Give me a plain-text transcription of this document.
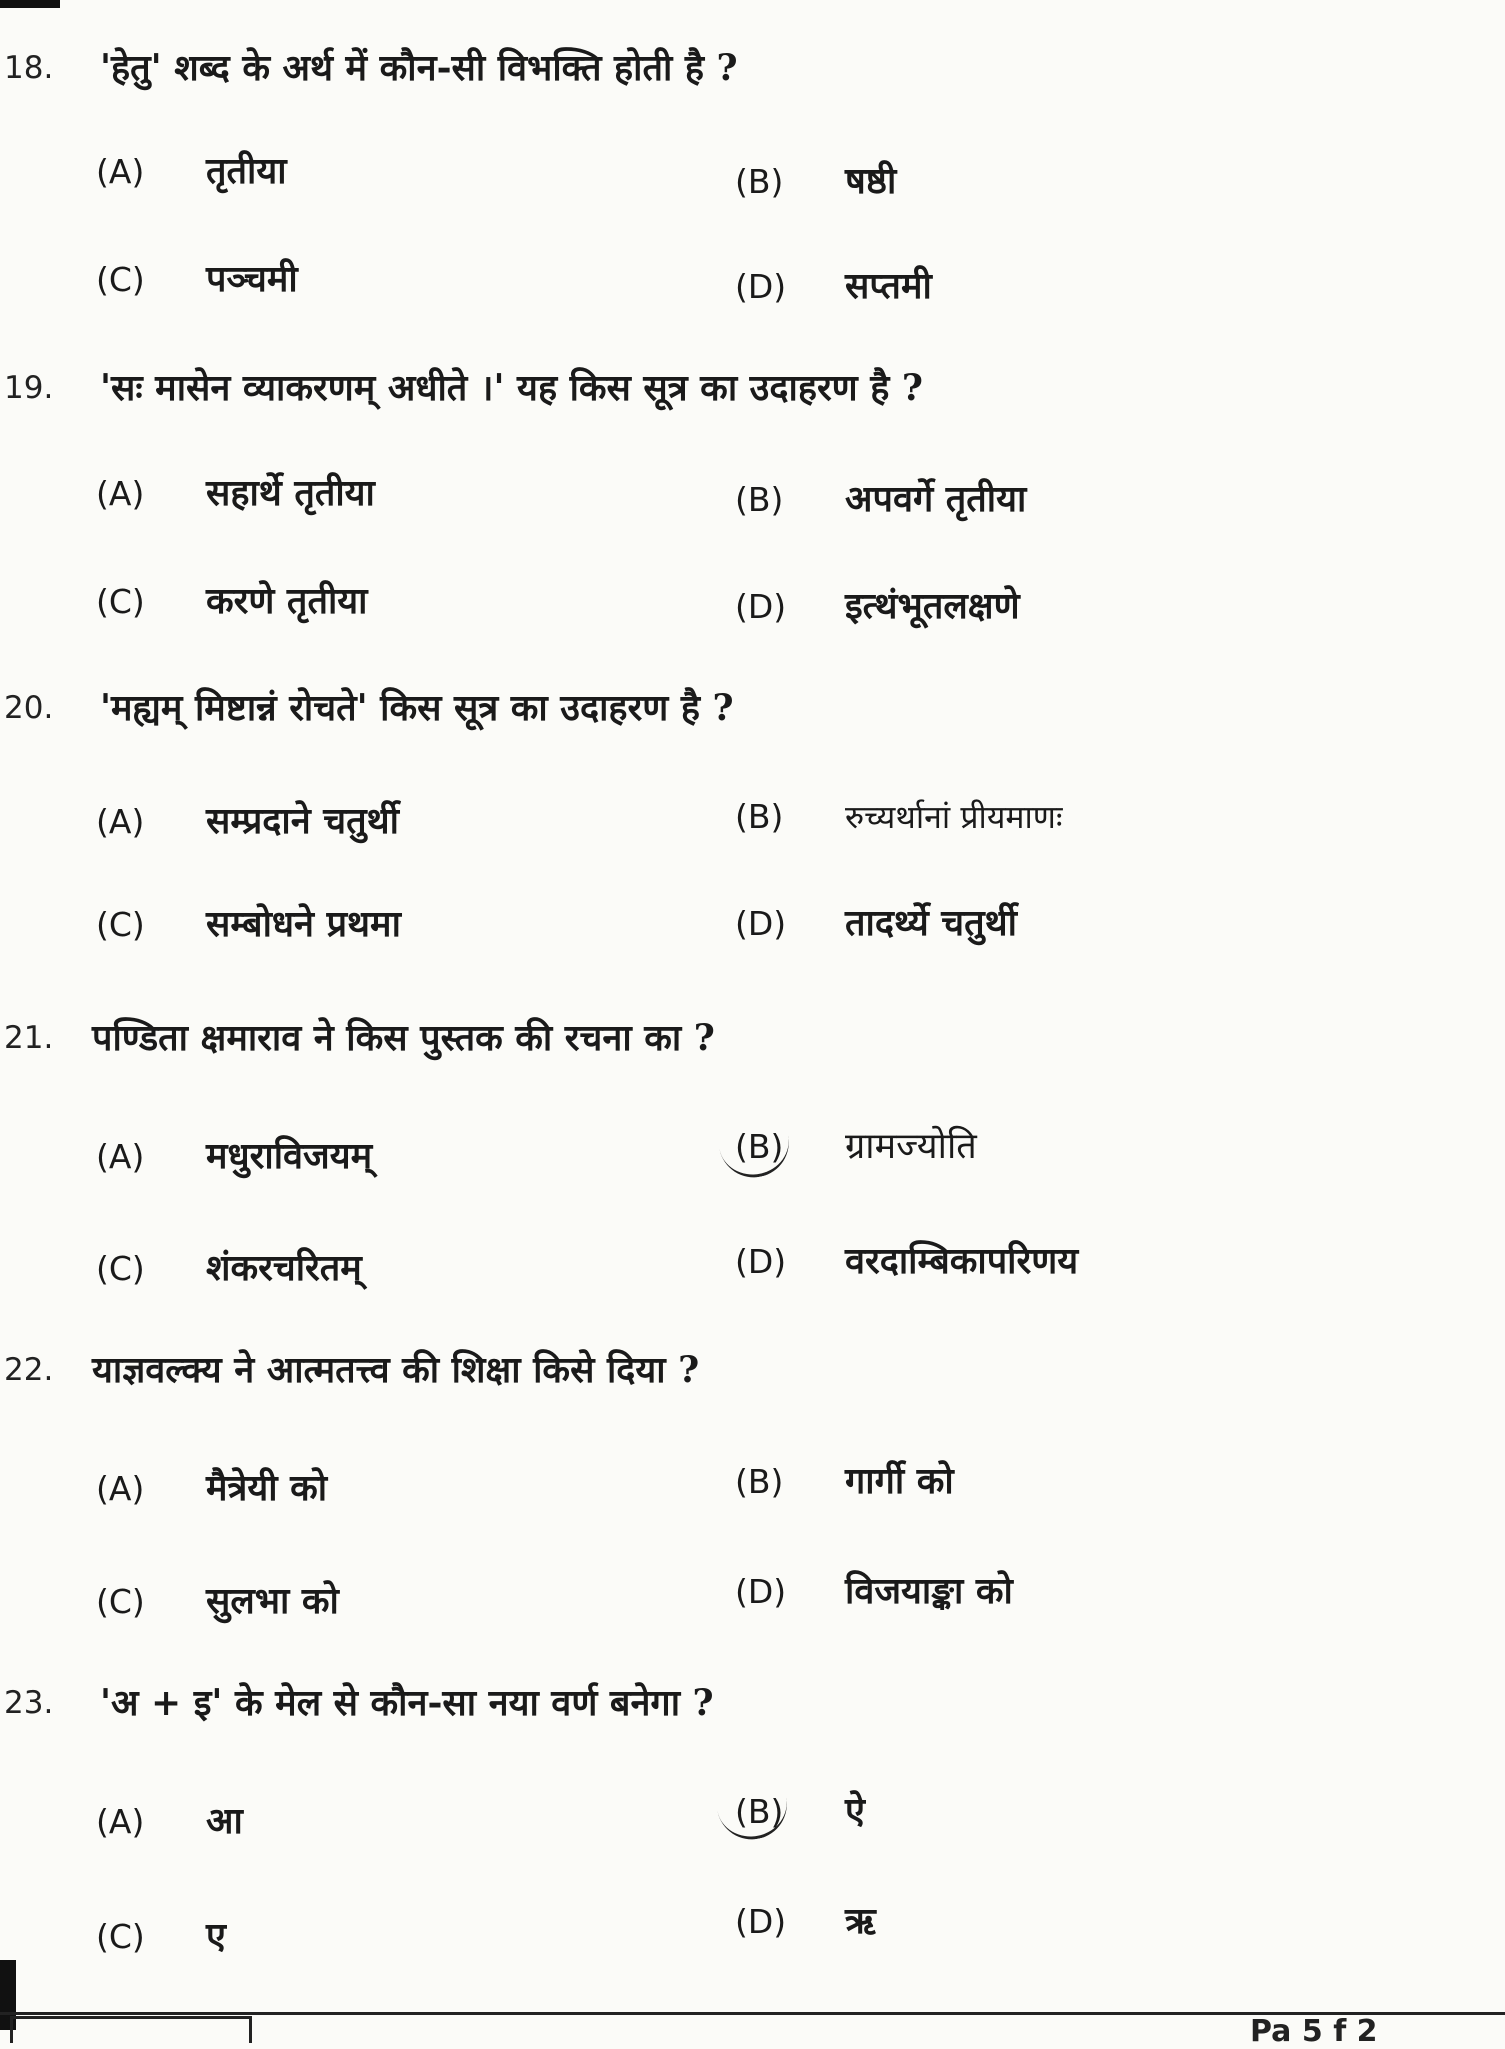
18. 'हेतु' शब्द के अर्थ में कौन-सी विभक्ति होती है ?
(A) तृतीया	(B) षष्ठी
(C) पञ्चमी	(D) सप्तमी
19. 'सः मासेन व्याकरणम् अधीते ।' यह किस सूत्र का उदाहरण है ?
(A) सहार्थे तृतीया	(B) अपवर्गे तृतीया
(C) करणे तृतीया	(D) इत्थंभूतलक्षणे
20. 'मह्यम् मिष्टान्नं रोचते' किस सूत्र का उदाहरण है ?
(A) सम्प्रदाने चतुर्थी	(B) रुच्यर्थानां प्रीयमाणः
(C) सम्बोधने प्रथमा	(D) तादर्थ्ये चतुर्थी
21. पण्डिता क्षमाराव ने किस पुस्तक की रचना का ?
(A) मधुराविजयम्	(B) ग्रामज्योति
(C) शंकरचरितम्	(D) वरदाम्बिकापरिणय
22. याज्ञवल्क्य ने आत्मतत्त्व की शिक्षा किसे दिया ?
(A) मैत्रेयी को	(B) गार्गी को
(C) सुलभा को	(D) विजयाङ्का को
23. 'अ + इ' के मेल से कौन-सा नया वर्ण बनेगा ?
(A) आ	(B) ऐ
(C) ए	(D) ऋ
Pa 5 f 2
